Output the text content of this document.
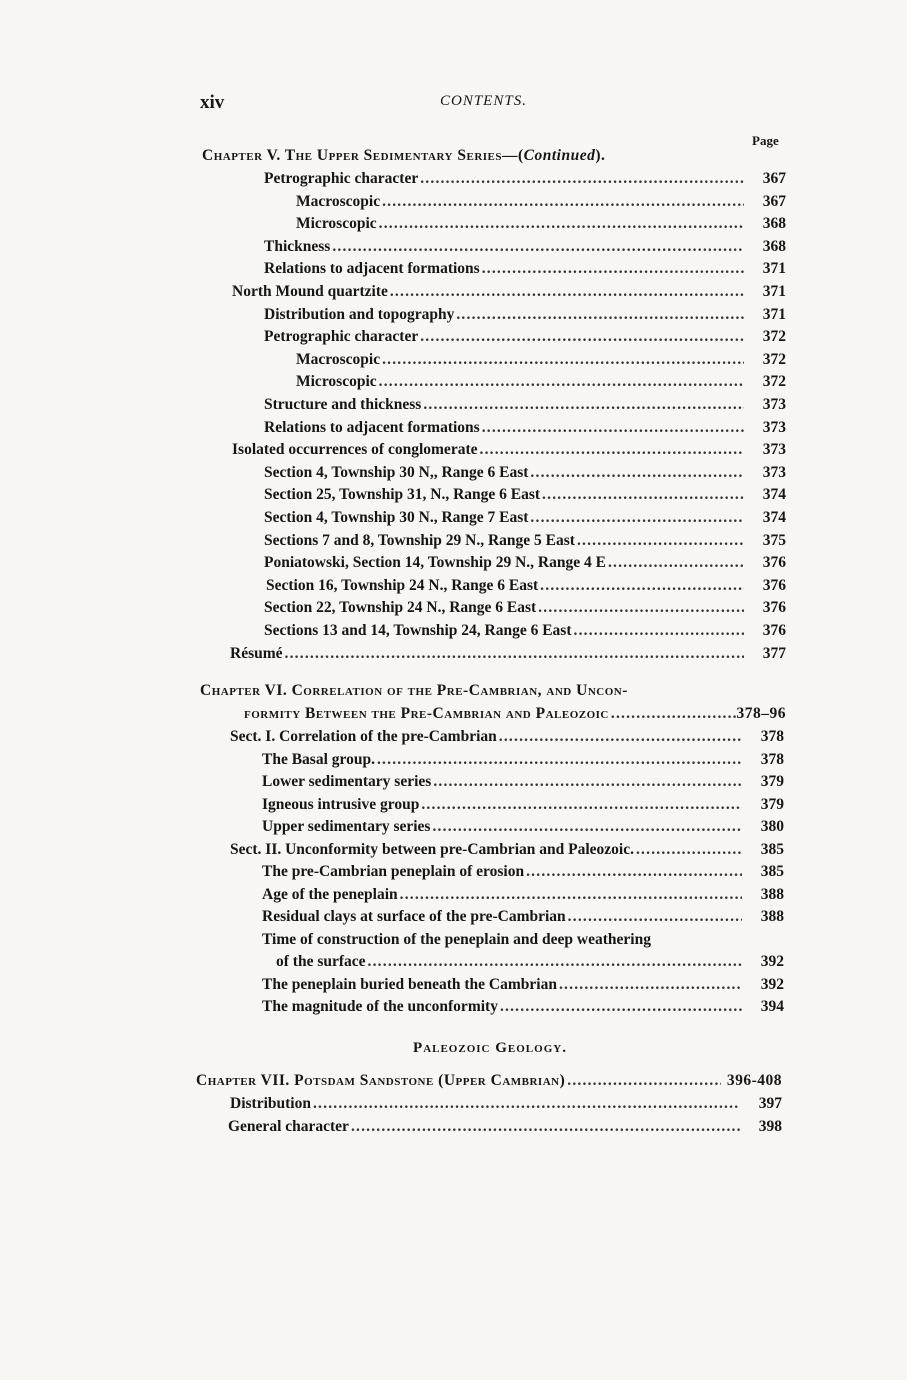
xiv	CONTENTS.
Page
Chapter V. The Upper Sedimentary Series—(Continued).
Petrographic character .....	367
Macroscopic .....	367
Microscopic .....	368
Thickness .....	368
Relations to adjacent formations .....	371
North Mound quartzite .....	371
Distribution and topography .....	371
Petrographic character .....	372
Macroscopic .....	372
Microscopic .....	372
Structure and thickness .....	373
Relations to adjacent formations .....	373
Isolated occurrences of conglomerate .....	373
Section 4, Township 30 N,, Range 6 East .....	373
Section 25, Township 31, N., Range 6 East .....	374
Section 4, Township 30 N., Range 7 East .....	374
Sections 7 and 8, Township 29 N., Range 5 East .....	375
Poniatowski, Section 14, Township 29 N., Range 4 E .....	376
Section 16, Township 24 N., Range 6 East .....	376
Section 22, Township 24 N., Range 6 East .....	376
Sections 13 and 14, Township 24, Range 6 East .....	376
Résumé .....	377
Chapter VI. Correlation of the Pre-Cambrian, and Uncon-
formity Between the Pre-Cambrian and Paleozoic .....	378–96
Sect. I. Correlation of the pre-Cambrian .....	378
The Basal group. .....	378
Lower sedimentary series .....	379
Igneous intrusive group .....	379
Upper sedimentary series .....	380
Sect. II. Unconformity between pre-Cambrian and Paleozoic. .....	385
The pre-Cambrian peneplain of erosion .....	385
Age of the peneplain .....	388
Residual clays at surface of the pre-Cambrian .....	388
Time of construction of the peneplain and deep weathering
of the surface .....	392
The peneplain buried beneath the Cambrian .....	392
The magnitude of the unconformity .....	394
Paleozoic Geology.
Chapter VII. Potsdam Sandstone (Upper Cambrian) .....	396-408
Distribution .....	397
General character .....	398
